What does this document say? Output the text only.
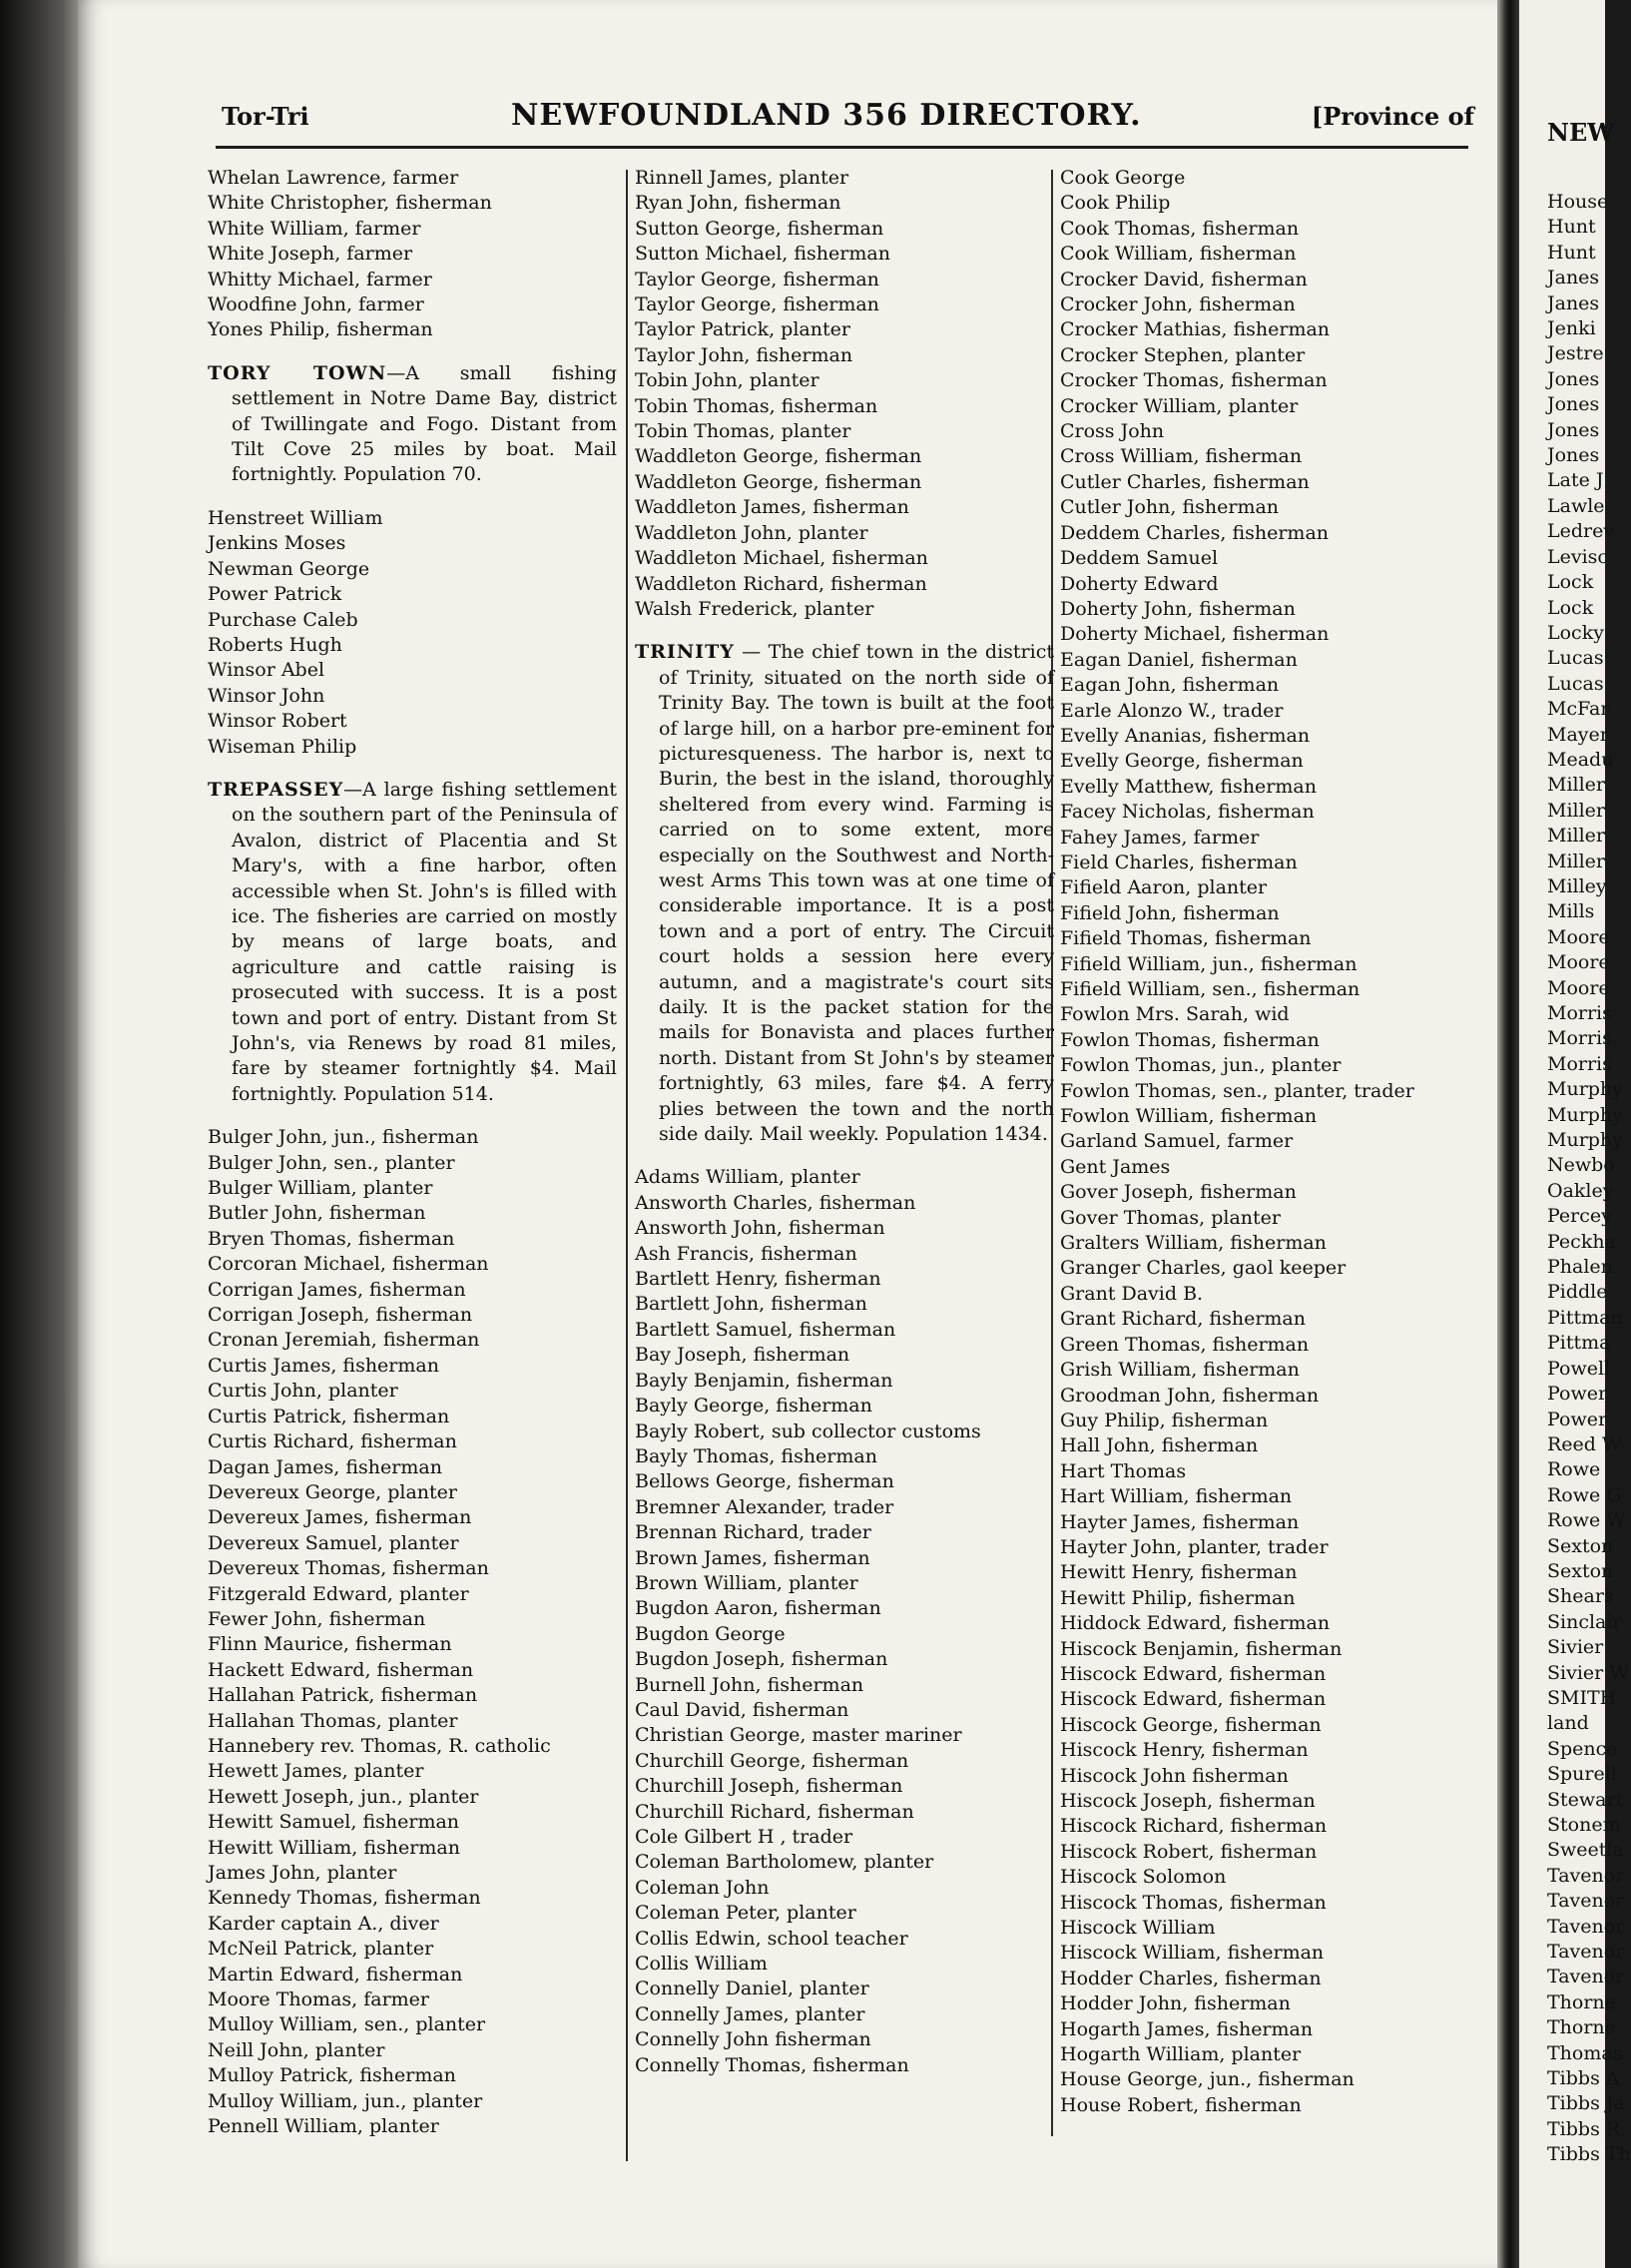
Tor-Tri	NEWFOUNDLAND 356 DIRECTORY.	[Province of
Whelan Lawrence, farmer
White Christopher, fisherman
White William, farmer
White Joseph, farmer
Whitty Michael, farmer
Woodfine John, farmer
Yones Philip, fisherman

TORY TOWN—A small fishing settlement in Notre Dame Bay, district of Twillingate and Fogo. Distant from Tilt Cove 25 miles by boat. Mail fortnightly. Population 70.

Henstreet William
Jenkins Moses
Newman George
Power Patrick
Purchase Caleb
Roberts Hugh
Winsor Abel
Winsor John
Winsor Robert
Wiseman Philip

TREPASSEY—A large fishing settlement on the southern part of the Peninsula of Avalon, district of Placentia and St Mary's, with a fine harbor, often accessible when St. John's is filled with ice. The fisheries are carried on mostly by means of large boats, and agriculture and cattle raising is prosecuted with success. It is a post town and port of entry. Distant from St John's, via Renews by road 81 miles, fare by steamer fortnightly $4. Mail fortnightly. Population 514.

Bulger John, jun., fisherman
Bulger John, sen., planter
Bulger William, planter
Butler John, fisherman
Bryen Thomas, fisherman
Corcoran Michael, fisherman
Corrigan James, fisherman
Corrigan Joseph, fisherman
Cronan Jeremiah, fisherman
Curtis James, fisherman
Curtis John, planter
Curtis Patrick, fisherman
Curtis Richard, fisherman
Dagan James, fisherman
Devereux George, planter
Devereux James, fisherman
Devereux Samuel, planter
Devereux Thomas, fisherman
Fitzgerald Edward, planter
Fewer John, fisherman
Flinn Maurice, fisherman
Hackett Edward, fisherman
Hallahan Patrick, fisherman
Hallahan Thomas, planter
Hannebery rev. Thomas, R. catholic
Hewett James, planter
Hewett Joseph, jun., planter
Hewitt Samuel, fisherman
Hewitt William, fisherman
James John, planter
Kennedy Thomas, fisherman
Karder captain A., diver
McNeil Patrick, planter
Martin Edward, fisherman
Moore Thomas, farmer
Mulloy William, sen., planter
Neill John, planter
Mulloy Patrick, fisherman
Mulloy William, jun., planter
Pennell William, planter
Rinnell James, planter
Ryan John, fisherman
Sutton George, fisherman
Sutton Michael, fisherman
Taylor George, fisherman
Taylor George, fisherman
Taylor Patrick, planter
Taylor John, fisherman
Tobin John, planter
Tobin Thomas, fisherman
Tobin Thomas, planter
Waddleton George, fisherman
Waddleton George, fisherman
Waddleton James, fisherman
Waddleton John, planter
Waddleton Michael, fisherman
Waddleton Richard, fisherman
Walsh Frederick, planter

TRINITY — The chief town in the district of Trinity, situated on the north side of Trinity Bay. The town is built at the foot of large hill, on a harbor pre-eminent for picturesqueness. The harbor is, next to Burin, the best in the island, thoroughly sheltered from every wind. Farming is carried on to some extent, more especially on the Southwest and North-west Arms This town was at one time of considerable importance. It is a post town and a port of entry. The Circuit court holds a session here every autumn, and a magistrate's court sits daily. It is the packet station for the mails for Bonavista and places further north. Distant from St John's by steamer fortnightly, 63 miles, fare $4. A ferry plies between the town and the north side daily. Mail weekly. Population 1434.

Adams William, planter
Answorth Charles, fisherman
Answorth John, fisherman
Ash Francis, fisherman
Bartlett Henry, fisherman
Bartlett John, fisherman
Bartlett Samuel, fisherman
Bay Joseph, fisherman
Bayly Benjamin, fisherman
Bayly George, fisherman
Bayly Robert, sub collector customs
Bayly Thomas, fisherman
Bellows George, fisherman
Bremner Alexander, trader
Brennan Richard, trader
Brown James, fisherman
Brown William, planter
Bugdon Aaron, fisherman
Bugdon George
Bugdon Joseph, fisherman
Burnell John, fisherman
Caul David, fisherman
Christian George, master mariner
Churchill George, fisherman
Churchill Joseph, fisherman
Churchill Richard, fisherman
Cole Gilbert H , trader
Coleman Bartholomew, planter
Coleman John
Coleman Peter, planter
Collis Edwin, school teacher
Collis William
Connelly Daniel, planter
Connelly James, planter
Connelly John fisherman
Connelly Thomas, fisherman
Cook George
Cook Philip
Cook Thomas, fisherman
Cook William, fisherman
Crocker David, fisherman
Crocker John, fisherman
Crocker Mathias, fisherman
Crocker Stephen, planter
Crocker Thomas, fisherman
Crocker William, planter
Cross John
Cross William, fisherman
Cutler Charles, fisherman
Cutler John, fisherman
Deddem Charles, fisherman
Deddem Samuel
Doherty Edward
Doherty John, fisherman
Doherty Michael, fisherman
Eagan Daniel, fisherman
Eagan John, fisherman
Earle Alonzo W., trader
Evelly Ananias, fisherman
Evelly George, fisherman
Evelly Matthew, fisherman
Facey Nicholas, fisherman
Fahey James, farmer
Field Charles, fisherman
Fifield Aaron, planter
Fifield John, fisherman
Fifield Thomas, fisherman
Fifield William, jun., fisherman
Fifield William, sen., fisherman
Fowlon Mrs. Sarah, wid
Fowlon Thomas, fisherman
Fowlon Thomas, jun., planter
Fowlon Thomas, sen., planter, trader
Fowlon William, fisherman
Garland Samuel, farmer
Gent James
Gover Joseph, fisherman
Gover Thomas, planter
Gralters William, fisherman
Granger Charles, gaol keeper
Grant David B.
Grant Richard, fisherman
Green Thomas, fisherman
Grish William, fisherman
Groodman John, fisherman
Guy Philip, fisherman
Hall John, fisherman
Hart Thomas
Hart William, fisherman
Hayter James, fisherman
Hayter John, planter, trader
Hewitt Henry, fisherman
Hewitt Philip, fisherman
Hiddock Edward, fisherman
Hiscock Benjamin, fisherman
Hiscock Edward, fisherman
Hiscock Edward, fisherman
Hiscock George, fisherman
Hiscock Henry, fisherman
Hiscock John fisherman
Hiscock Joseph, fisherman
Hiscock Richard, fisherman
Hiscock Robert, fisherman
Hiscock Solomon
Hiscock Thomas, fisherman
Hiscock William
Hiscock William, fisherman
Hodder Charles, fisherman
Hodder John, fisherman
Hogarth James, fisherman
Hogarth William, planter
House George, jun., fisherman
House Robert, fisherman
NEW
House
Hunt
Hunt
Janes
Janes
Jenki
Jestre
Jones
Jones
Jones
Jones
Late J
Lawle
Ledrev
Levisc
Lock
Lock
Locky
Lucas
Lucas
McFar
Mayer
Meadu
Miller
Miller
Miller
Miller
Milley
Mills
Moore
Moore
Moore
Morris
Morris
Morris
Murphy
Murphy
Murphy
Newbo
Oakley
Percey
Peckha
Phalen
Piddle
Pittman
Pittma
Powell
Power
Power
Reed W
Rowe
Rowe G
Rowe W
Sexton
Sexton
Shears
Sinclair
Sivier
Sivier W
SMITH
land
Spence
Spurell
Stewart
Stonem
Sweetla
Tavenor
Tavenor
Tavenor
Tavenor
Tavenor
Thorne
Thorne
Thomas
Tibbs A
Tibbs Ja
Tibbs R.
Tibbs Th
